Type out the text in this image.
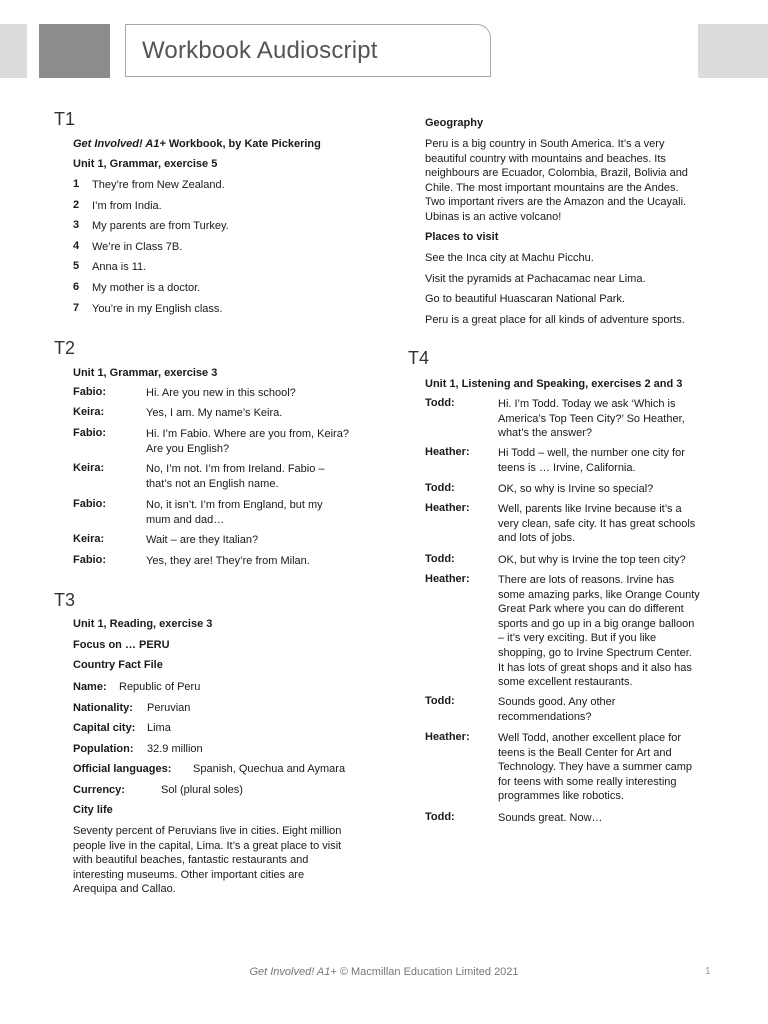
Workbook Audioscript
Get Involved! A1+ © Macmillan Education Limited 2021	1
T1
Get Involved! A1+ Workbook, by Kate Pickering
Unit 1, Grammar, exercise 5
1 They’re from New Zealand.
2 I’m from India.
3 My parents are from Turkey.
4 We’re in Class 7B.
5 Anna is 11.
6 My mother is a doctor.
7 You’re in my English class.
T2
Unit 1, Grammar, exercise 3
Fabio:	Hi. Are you new in this school?
Keira:	Yes, I am. My name’s Keira.
Fabio:	Hi. I’m Fabio. Where are you from, Keira?
Are you English?
Keira:	No, I’m not. I’m from Ireland. Fabio –
that’s not an English name.
Fabio:	No, it isn’t. I’m from England, but my
mum and dad…
Keira:	Wait – are they Italian?
Fabio:	Yes, they are! They’re from Milan.
T3
Unit 1, Reading, exercise 3
Focus on … PERU
Country Fact File
Name: Republic of Peru
Nationality: Peruvian
Capital city: Lima
Population: 32.9 million
Official languages: Spanish, Quechua and Aymara
Currency:	Sol (plural soles)
City life
Seventy percent of Peruvians live in cities. Eight million
people live in the capital, Lima. It’s a great place to visit
with beautiful beaches, fantastic restaurants and
interesting museums. Other important cities are
Arequipa and Callao.
Geography
Peru is a big country in South America. It’s a very
beautiful country with mountains and beaches. Its
neighbours are Ecuador, Colombia, Brazil, Bolivia and
Chile. The most important mountains are the Andes.
Two important rivers are the Amazon and the Ucayali.
Ubinas is an active volcano!
Places to visit
See the Inca city at Machu Picchu.
Visit the pyramids at Pachacamac near Lima.
Go to beautiful Huascaran National Park.
Peru is a great place for all kinds of adventure sports.
T4
Unit 1, Listening and Speaking, exercises 2 and 3
Todd:	Hi. I’m Todd. Today we ask ‘Which is
America’s Top Teen City?’ So Heather,
what’s the answer?
Heather:	Hi Todd – well, the number one city for
teens is … Irvine, California.
Todd:	OK, so why is Irvine so special?
Heather:	Well, parents like Irvine because it’s a
very clean, safe city. It has great schools
and lots of jobs.
Todd:	OK, but why is Irvine the top teen city?
Heather:	There are lots of reasons. Irvine has
some amazing parks, like Orange County
Great Park where you can do different
sports and go up in a big orange balloon
– it’s very exciting. But if you like
shopping, go to Irvine Spectrum Center.
It has lots of great shops and it also has
some excellent restaurants.
Todd:	Sounds good. Any other
recommendations?
Heather:	Well Todd, another excellent place for
teens is the Beall Center for Art and
Technology. They have a summer camp
for teens with some really interesting
programmes like robotics.
Todd:	Sounds great. Now…
